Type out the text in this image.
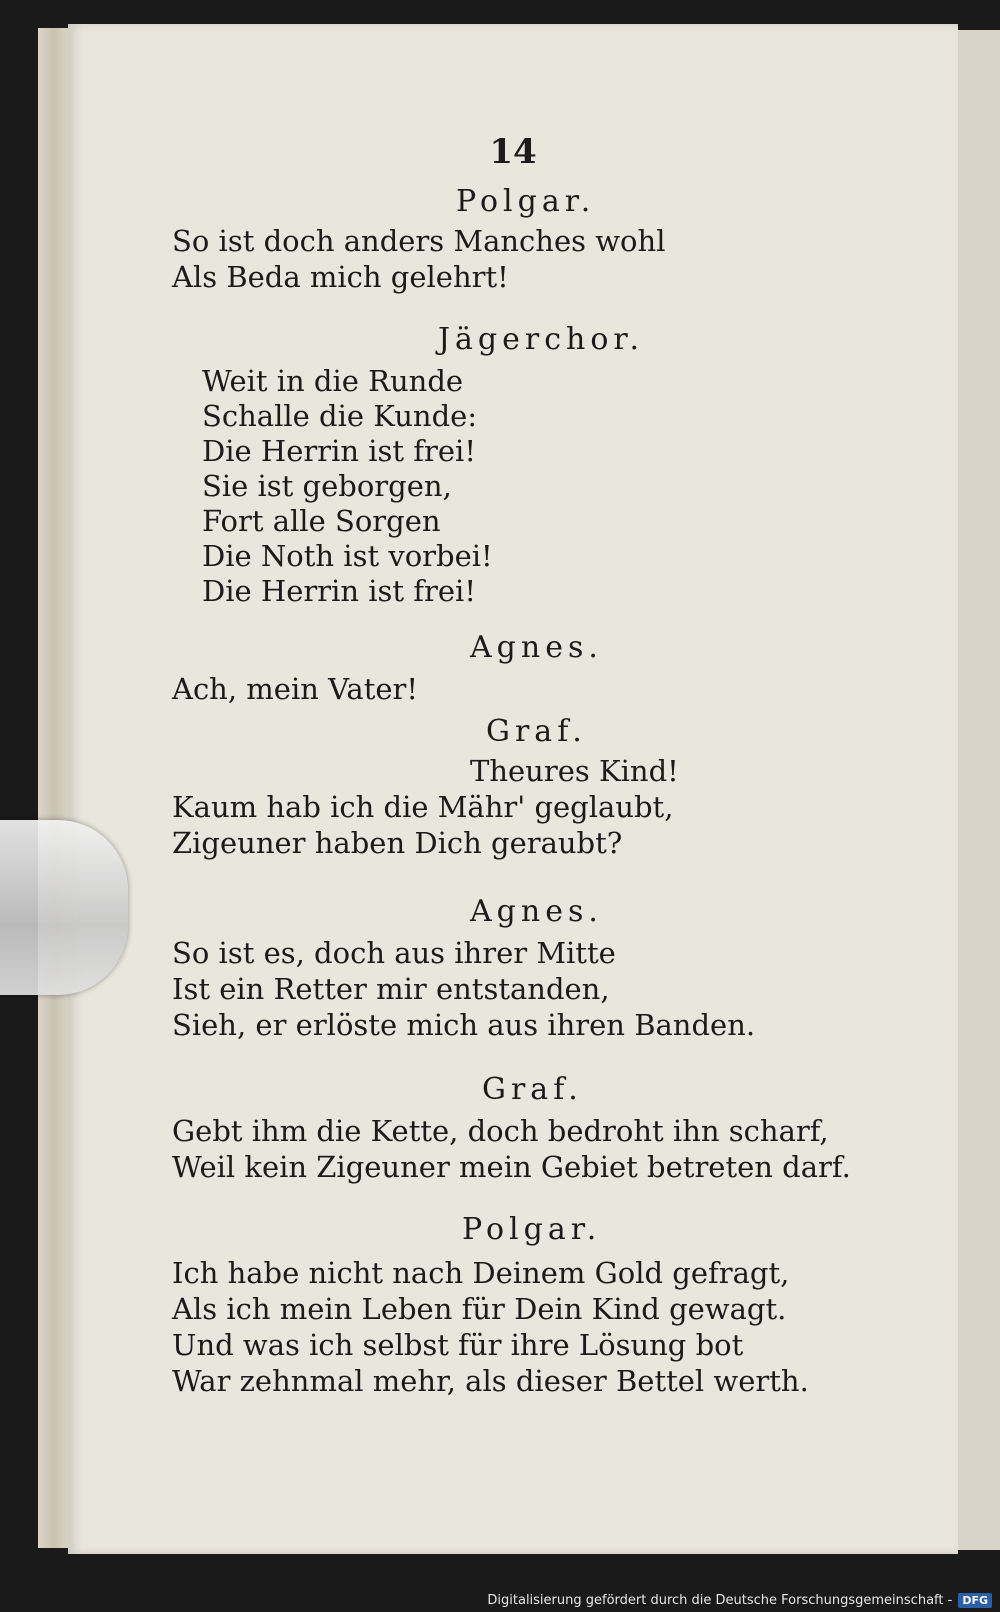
14
Polgar.
So ist doch anders Manches wohl
Als Beda mich gelehrt!
Jägerchor.
Weit in die Runde
Schalle die Kunde:
Die Herrin ist frei!
Sie ist geborgen,
Fort alle Sorgen
Die Noth ist vorbei!
Die Herrin ist frei!
Agnes.
Ach, mein Vater!
Graf.
Theures Kind!
Kaum hab ich die Mähr' geglaubt,
Zigeuner haben Dich geraubt?
Agnes.
So ist es, doch aus ihrer Mitte
Ist ein Retter mir entstanden,
Sieh, er erlöste mich aus ihren Banden.
Graf.
Gebt ihm die Kette, doch bedroht ihn scharf,
Weil kein Zigeuner mein Gebiet betreten darf.
Polgar.
Ich habe nicht nach Deinem Gold gefragt,
Als ich mein Leben für Dein Kind gewagt.
Und was ich selbst für ihre Lösung bot
War zehnmal mehr, als dieser Bettel werth.
Digitalisierung gefördert durch die Deutsche Forschungsgemeinschaft - DFG
